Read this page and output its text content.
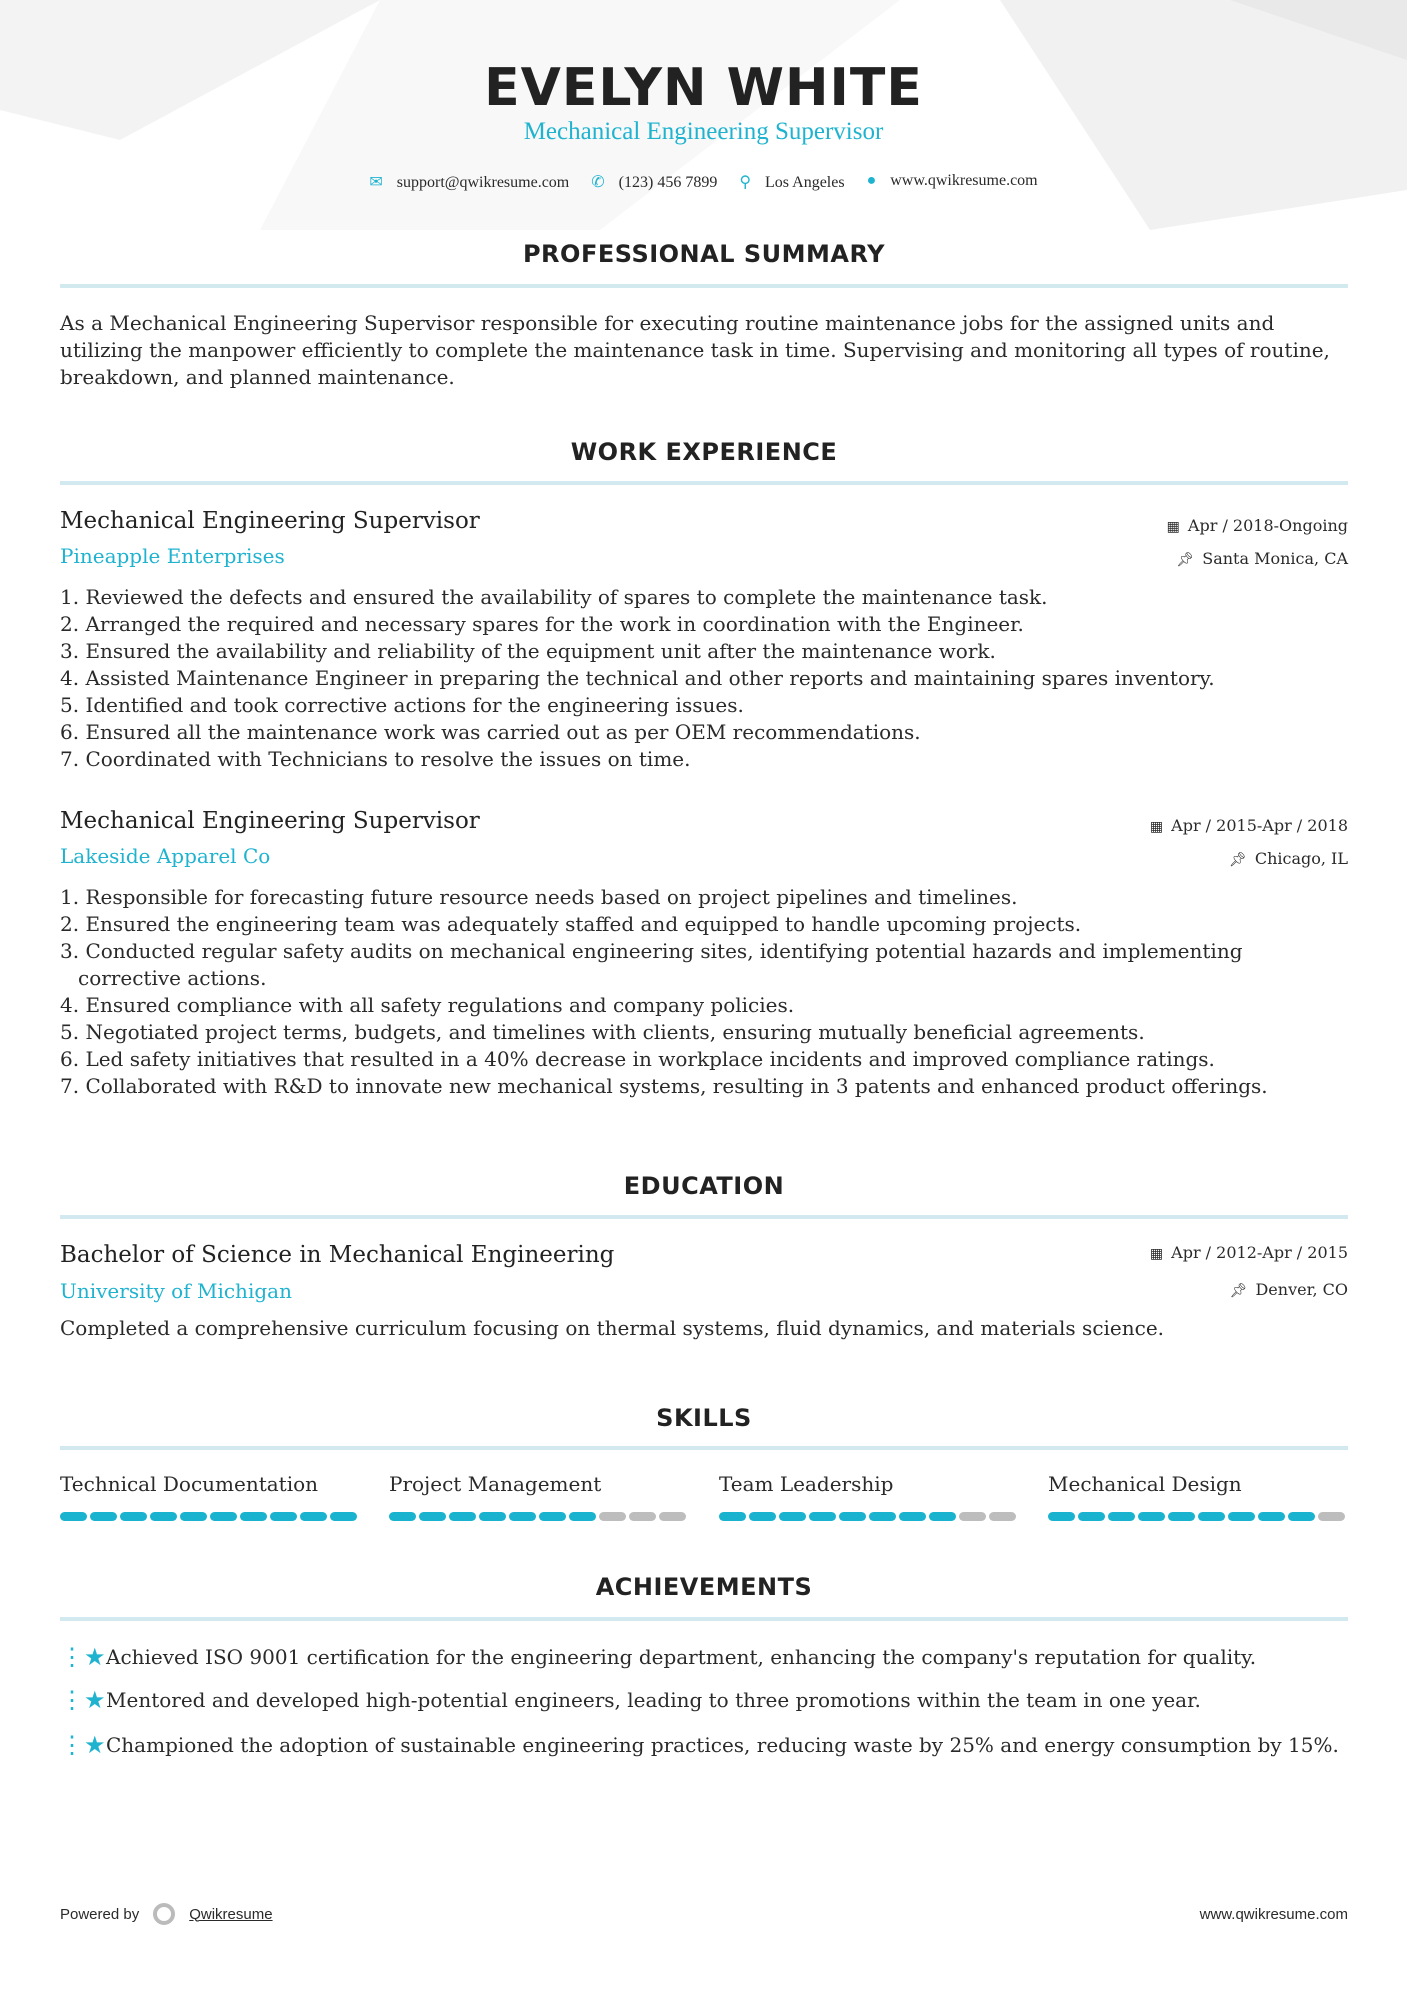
EVELYN WHITE
Mechanical Engineering Supervisor
✉ support@qwikresume.com ✆ (123) 456 7899 ⚲ Los Angeles ● www.qwikresume.com
PROFESSIONAL SUMMARY
As a Mechanical Engineering Supervisor responsible for executing routine maintenance jobs for the assigned units and utilizing the manpower efficiently to complete the maintenance task in time. Supervising and monitoring all types of routine, breakdown, and planned maintenance.
WORK EXPERIENCE
Mechanical Engineering Supervisor
Pineapple Enterprises
▦ Apr / 2018-Ongoing
📌︎ Santa Monica, CA
1. Reviewed the defects and ensured the availability of spares to complete the maintenance task.
2. Arranged the required and necessary spares for the work in coordination with the Engineer.
3. Ensured the availability and reliability of the equipment unit after the maintenance work.
4. Assisted Maintenance Engineer in preparing the technical and other reports and maintaining spares inventory.
5. Identified and took corrective actions for the engineering issues.
6. Ensured all the maintenance work was carried out as per OEM recommendations.
7. Coordinated with Technicians to resolve the issues on time.
Mechanical Engineering Supervisor
Lakeside Apparel Co
▦ Apr / 2015-Apr / 2018
📌︎ Chicago, IL
1. Responsible for forecasting future resource needs based on project pipelines and timelines.
2. Ensured the engineering team was adequately staffed and equipped to handle upcoming projects.
3. Conducted regular safety audits on mechanical engineering sites, identifying potential hazards and implementing corrective actions.
4. Ensured compliance with all safety regulations and company policies.
5. Negotiated project terms, budgets, and timelines with clients, ensuring mutually beneficial agreements.
6. Led safety initiatives that resulted in a 40% decrease in workplace incidents and improved compliance ratings.
7. Collaborated with R&D to innovate new mechanical systems, resulting in 3 patents and enhanced product offerings.
EDUCATION
Bachelor of Science in Mechanical Engineering
University of Michigan
▦ Apr / 2012-Apr / 2015
📌︎ Denver, CO
Completed a comprehensive curriculum focusing on thermal systems, fluid dynamics, and materials science.
SKILLS
Technical Documentation	Project Management	Team Leadership	Mechanical Design
ACHIEVEMENTS
⋮★ Achieved ISO 9001 certification for the engineering department, enhancing the company's reputation for quality.
⋮★ Mentored and developed high-potential engineers, leading to three promotions within the team in one year.
⋮★ Championed the adoption of sustainable engineering practices, reducing waste by 25% and energy consumption by 15%.
Powered by	Qwikresume	www.qwikresume.com
